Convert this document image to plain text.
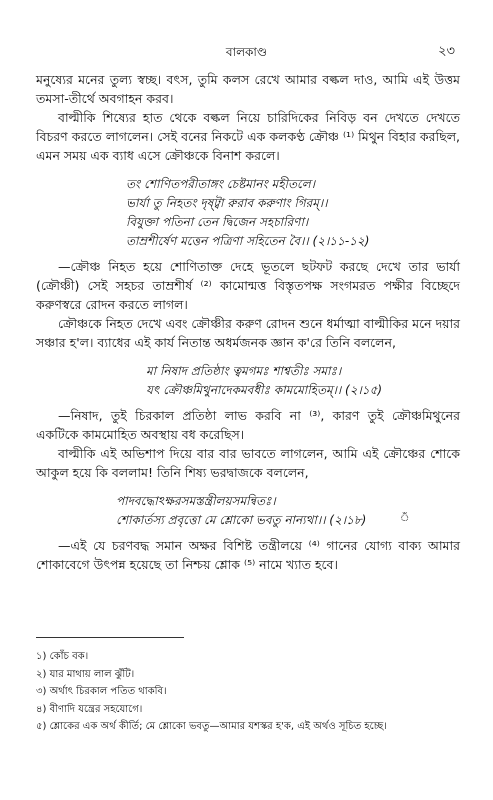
বালকাণ্ড	২৩

মনুষ্যের মনের তুল্য স্বচ্ছ। বৎস, তুমি কলস রেখে আমার বল্কল দাও, আমি এই উত্তম তমসা-তীর্থে অবগাহন করব।

বাল্মীকি শিষ্যের হাত থেকে বল্কল নিয়ে চারিদিকের নিবিড় বন দেখতে দেখতে বিচরণ করতে লাগলেন। সেই বনের নিকটে এক কলকণ্ঠ ক্রৌঞ্চ ⁽¹⁾ মিথুন বিহার করছিল, এমন সময় এক ব্যাধ এসে ক্রৌঞ্চকে বিনাশ করলে।

তং শোণিতপরীতাঙ্গং চেষ্টমানং মহীতলে।
ভার্যা তু নিহতং দৃষ্ট্বা রুরাব করুণাং গিরম্।।
বিযুক্তা পতিনা তেন দ্বিজেন সহচারিণা।
তাম্রশীর্ষেণ মত্তেন পত্রিণা সহিতেন বৈ।। (২।১১-১২)

—ক্রৌঞ্চ নিহত হয়ে শোণিতাক্ত দেহে ভূতলে ছটফট করছে দেখে তার ভার্যা (ক্রৌঞ্চী) সেই সহচর তাম্রশীর্ষ ⁽²⁾ কামোন্মত্ত বিস্তৃতপক্ষ সংগমরত পক্ষীর বিচ্ছেদে করুণস্বরে রোদন করতে লাগল।

ক্রৌঞ্চকে নিহত দেখে এবং ক্রৌঞ্চীর করুণ রোদন শুনে ধর্মাত্মা বাল্মীকির মনে দয়ার সঞ্চার হ'ল। ব্যাধের এই কার্য নিতান্ত অধর্মজনক জ্ঞান ক'রে তিনি বললেন,

মা নিষাদ প্রতিষ্ঠাং ত্বমগমঃ শাশ্বতীঃ সমাঃ।
যৎ ক্রৌঞ্চমিথুনাদেকমবধীঃ কামমোহিতম্।। (২।১৫)

—নিষাদ, তুই চিরকাল প্রতিষ্ঠা লাভ করবি না ⁽³⁾, কারণ তুই ক্রৌঞ্চমিথুনের একটিকে কামমোহিত অবস্থায় বধ করেছিস।

বাল্মীকি এই অভিশাপ দিয়ে বার বার ভাবতে লাগলেন, আমি এই ক্রৌঞ্চের শোকে আকুল হয়ে কি বললাম! তিনি শিষ্য ভরদ্বাজকে বললেন,

পাদবদ্ধোঽক্ষরসমস্তন্ত্রীলয়সমন্বিতঃ।
শোকার্তস্য প্রবৃত্তো মে শ্লোকো ভবতু নান্যথা।। (২।১৮)

—এই যে চরণবদ্ধ সমান অক্ষর বিশিষ্ট তন্ত্রীলয়ে ⁽⁴⁾ গানের যোগ্য বাক্য আমার শোকাবেগে উৎপন্ন হয়েছে তা নিশ্চয় শ্লোক ⁽⁵⁾ নামে খ্যাত হবে।

ঁ
১) কোঁচ বক।
২) যার মাথায় লাল ঝুঁটি।
৩) অর্থাৎ চিরকাল পতিত থাকবি।
৪) বীণাদি যন্ত্রের সহযোগে।
৫) শ্লোকের এক অর্থ কীর্তি; মে শ্লোকো ভবতু—আমার যশস্কর হ'ক, এই অর্থও সূচিত হচ্ছে।
